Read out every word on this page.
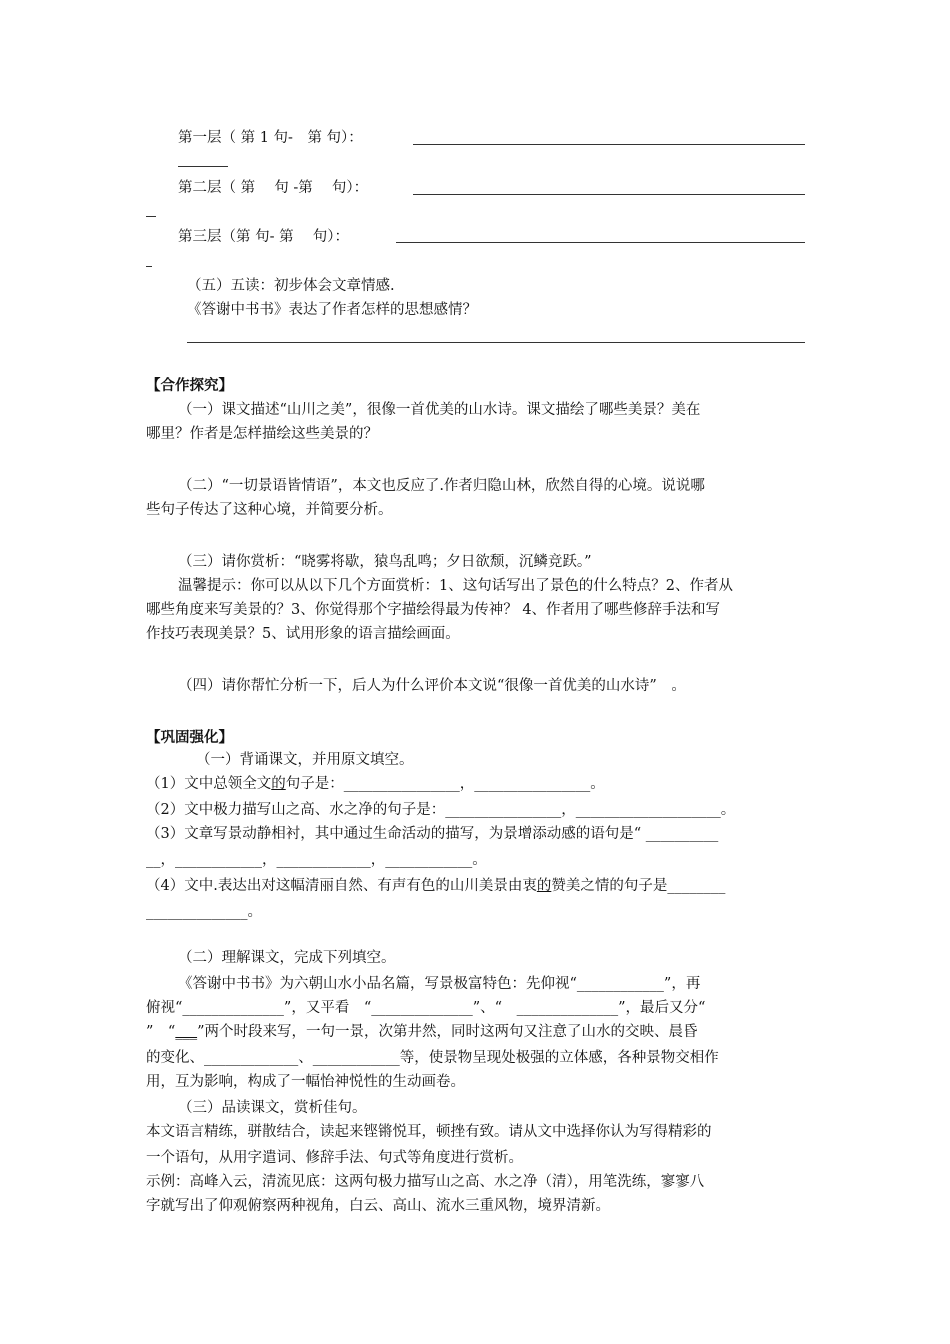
第一层（ 第 1 句-　第 句）：
第二层（ 第　 句 -第　 句）：
第三层（第 句- 第　 句）：
（五）五读：初步体会文章情感.
《答谢中书书》表达了作者怎样的思想感情？
【合作探究】
（一）课文描述“山川之美”，很像一首优美的山水诗。课文描绘了哪些美景？美在
哪里？作者是怎样描绘这些美景的？
（二）“一切景语皆情语”，本文也反应了.作者归隐山林，欣然自得的心境。说说哪
些句子传达了这种心境，并简要分析。
（三）请你赏析：“晓雾将歇，猿鸟乱鸣；夕日欲颓，沉鳞竞跃。”
温馨提示：你可以从以下几个方面赏析：1、这句话写出了景色的什么特点？2、作者从
哪些角度来写美景的？3、你觉得那个字描绘得最为传神？ 4、作者用了哪些修辞手法和写
作技巧表现美景？5、试用形象的语言描绘画面。
（四）请你帮忙分析一下，后人为什么评价本文说“很像一首优美的山水诗”　。
【巩固强化】
（一）背诵课文，并用原文填空。
（1）文中总领全文的句子是：________________，________________。
（2）文中极力描写山之高、水之净的句子是：________________，____________________。
（3）文章写景动静相衬，其中通过生命活动的描写，为景增添动感的语句是“ __________
__，____________，_____________，____________。
（4）文中.表达出对这幅清丽自然、有声有色的山川美景由衷的赞美之情的句子是________
______________。
（二）理解课文，完成下列填空。
《答谢中书书》为六朝山水小品名篇，写景极富特色：先仰视“____________”，再
俯视“______________”，又平看　“______________”、“　______________”，最后又分“
”　“___”两个时段来写，一句一景，次第井然，同时这两句又注意了山水的交映、晨昏
的变化、_____________、____________等，使景物呈现处极强的立体感，各种景物交相作
用，互为影响，构成了一幅怡神悦性的生动画卷。
（三）品读课文，赏析佳句。
本文语言精练，骈散结合，读起来铿锵悦耳，顿挫有致。请从文中选择你认为写得精彩的
一个语句，从用字遣词、修辞手法、句式等角度进行赏析。
示例：高峰入云，清流见底：这两句极力描写山之高、水之净（清），用笔洗练，寥寥八
字就写出了仰观俯察两种视角，白云、高山、流水三重风物，境界清新。
